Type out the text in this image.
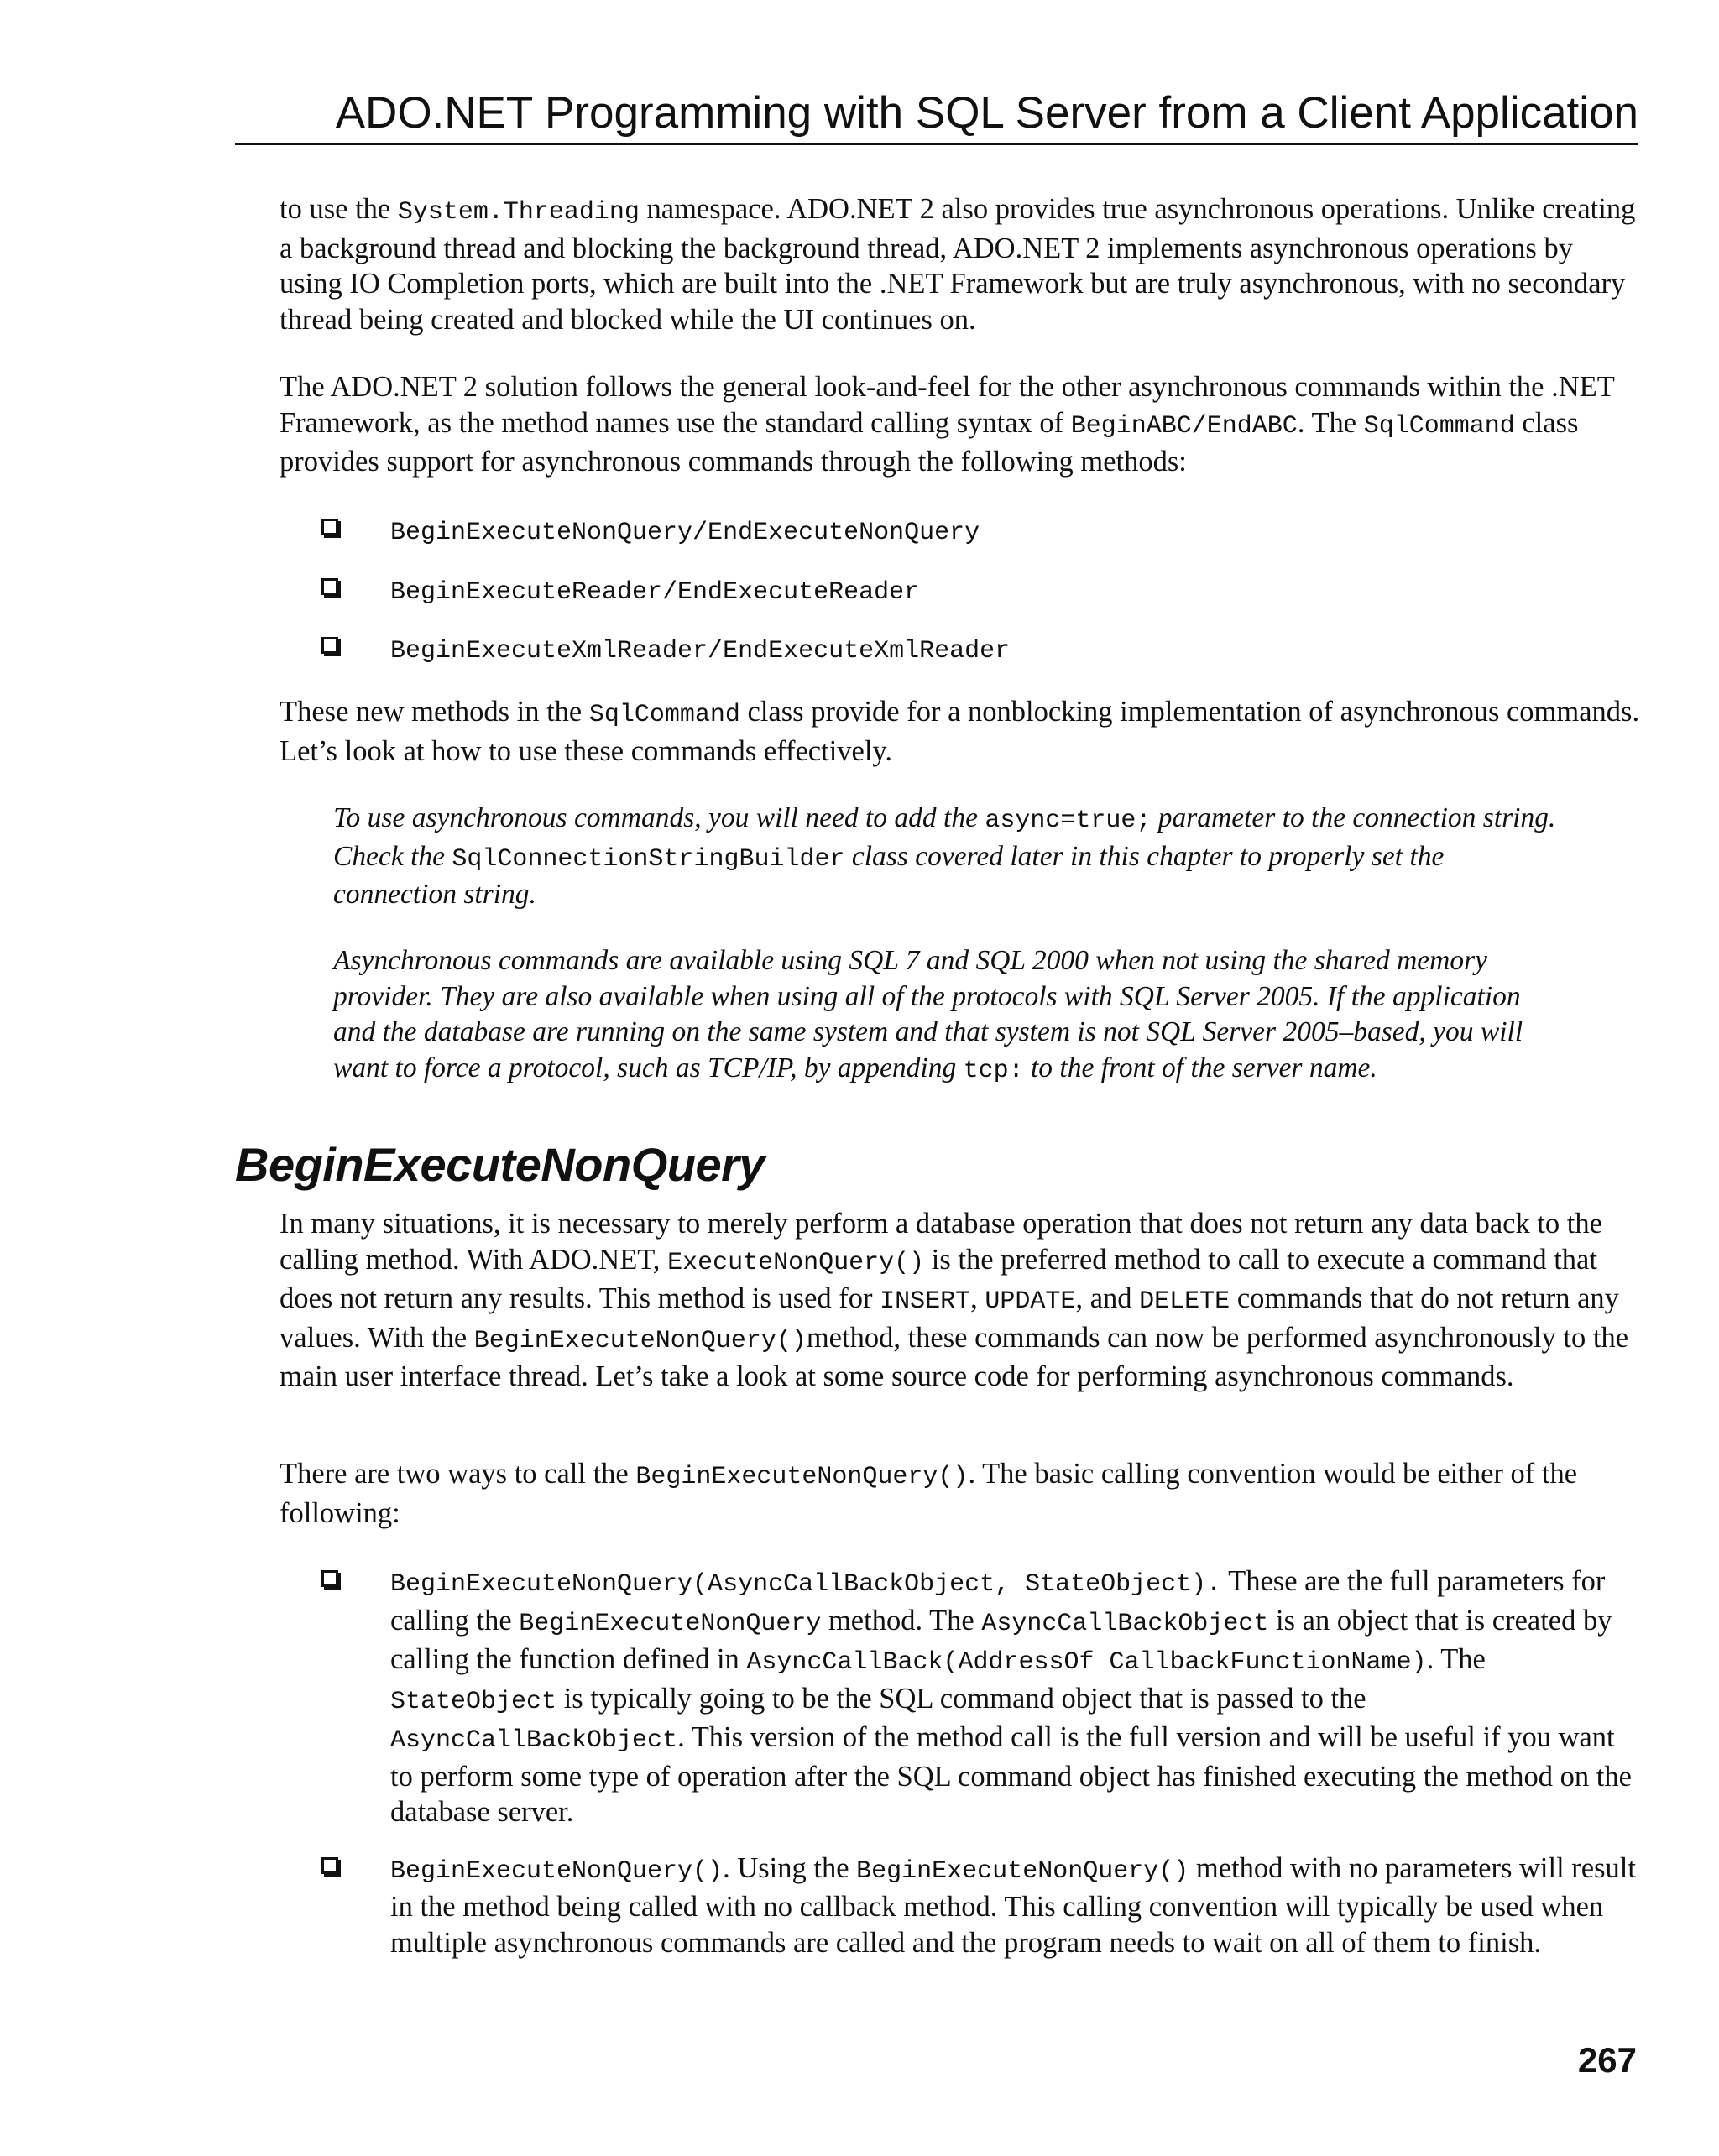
ADO.NET Programming with SQL Server from a Client Application

to use the System.Threading namespace. ADO.NET 2 also provides true asynchronous operations. Unlike creating a background thread and blocking the background thread, ADO.NET 2 implements asynchronous operations by using IO Completion ports, which are built into the .NET Framework but are truly asynchronous, with no secondary thread being created and blocked while the UI continues on.

The ADO.NET 2 solution follows the general look-and-feel for the other asynchronous commands within the .NET Framework, as the method names use the standard calling syntax of BeginABC/EndABC. The SqlCommand class provides support for asynchronous commands through the following methods:

BeginExecuteNonQuery/EndExecuteNonQuery
BeginExecuteReader/EndExecuteReader
BeginExecuteXmlReader/EndExecuteXmlReader

These new methods in the SqlCommand class provide for a nonblocking implementation of asynchronous commands. Let’s look at how to use these commands effectively.

To use asynchronous commands, you will need to add the async=true; parameter to the connection string. Check the SqlConnectionStringBuilder class covered later in this chapter to properly set the connection string.

Asynchronous commands are available using SQL 7 and SQL 2000 when not using the shared memory provider. They are also available when using all of the protocols with SQL Server 2005. If the application and the database are running on the same system and that system is not SQL Server 2005–based, you will want to force a protocol, such as TCP/IP, by appending tcp: to the front of the server name.

BeginExecuteNonQuery

In many situations, it is necessary to merely perform a database operation that does not return any data back to the calling method. With ADO.NET, ExecuteNonQuery() is the preferred method to call to execute a command that does not return any results. This method is used for INSERT, UPDATE, and DELETE commands that do not return any values. With the BeginExecuteNonQuery()method, these commands can now be performed asynchronously to the main user interface thread. Let’s take a look at some source code for performing asynchronous commands.

There are two ways to call the BeginExecuteNonQuery(). The basic calling convention would be either of the following:

BeginExecuteNonQuery(AsyncCallBackObject, StateObject). These are the full parameters for calling the BeginExecuteNonQuery method. The AsyncCallBackObject is an object that is created by calling the function defined in AsyncCallBack(AddressOf CallbackFunctionName). The StateObject is typically going to be the SQL command object that is passed to the AsyncCallBackObject. This version of the method call is the full version and will be useful if you want to perform some type of operation after the SQL command object has finished executing the method on the database server.
BeginExecuteNonQuery(). Using the BeginExecuteNonQuery() method with no parameters will result in the method being called with no callback method. This calling convention will typically be used when multiple asynchronous commands are called and the program needs to wait on all of them to finish.
267
